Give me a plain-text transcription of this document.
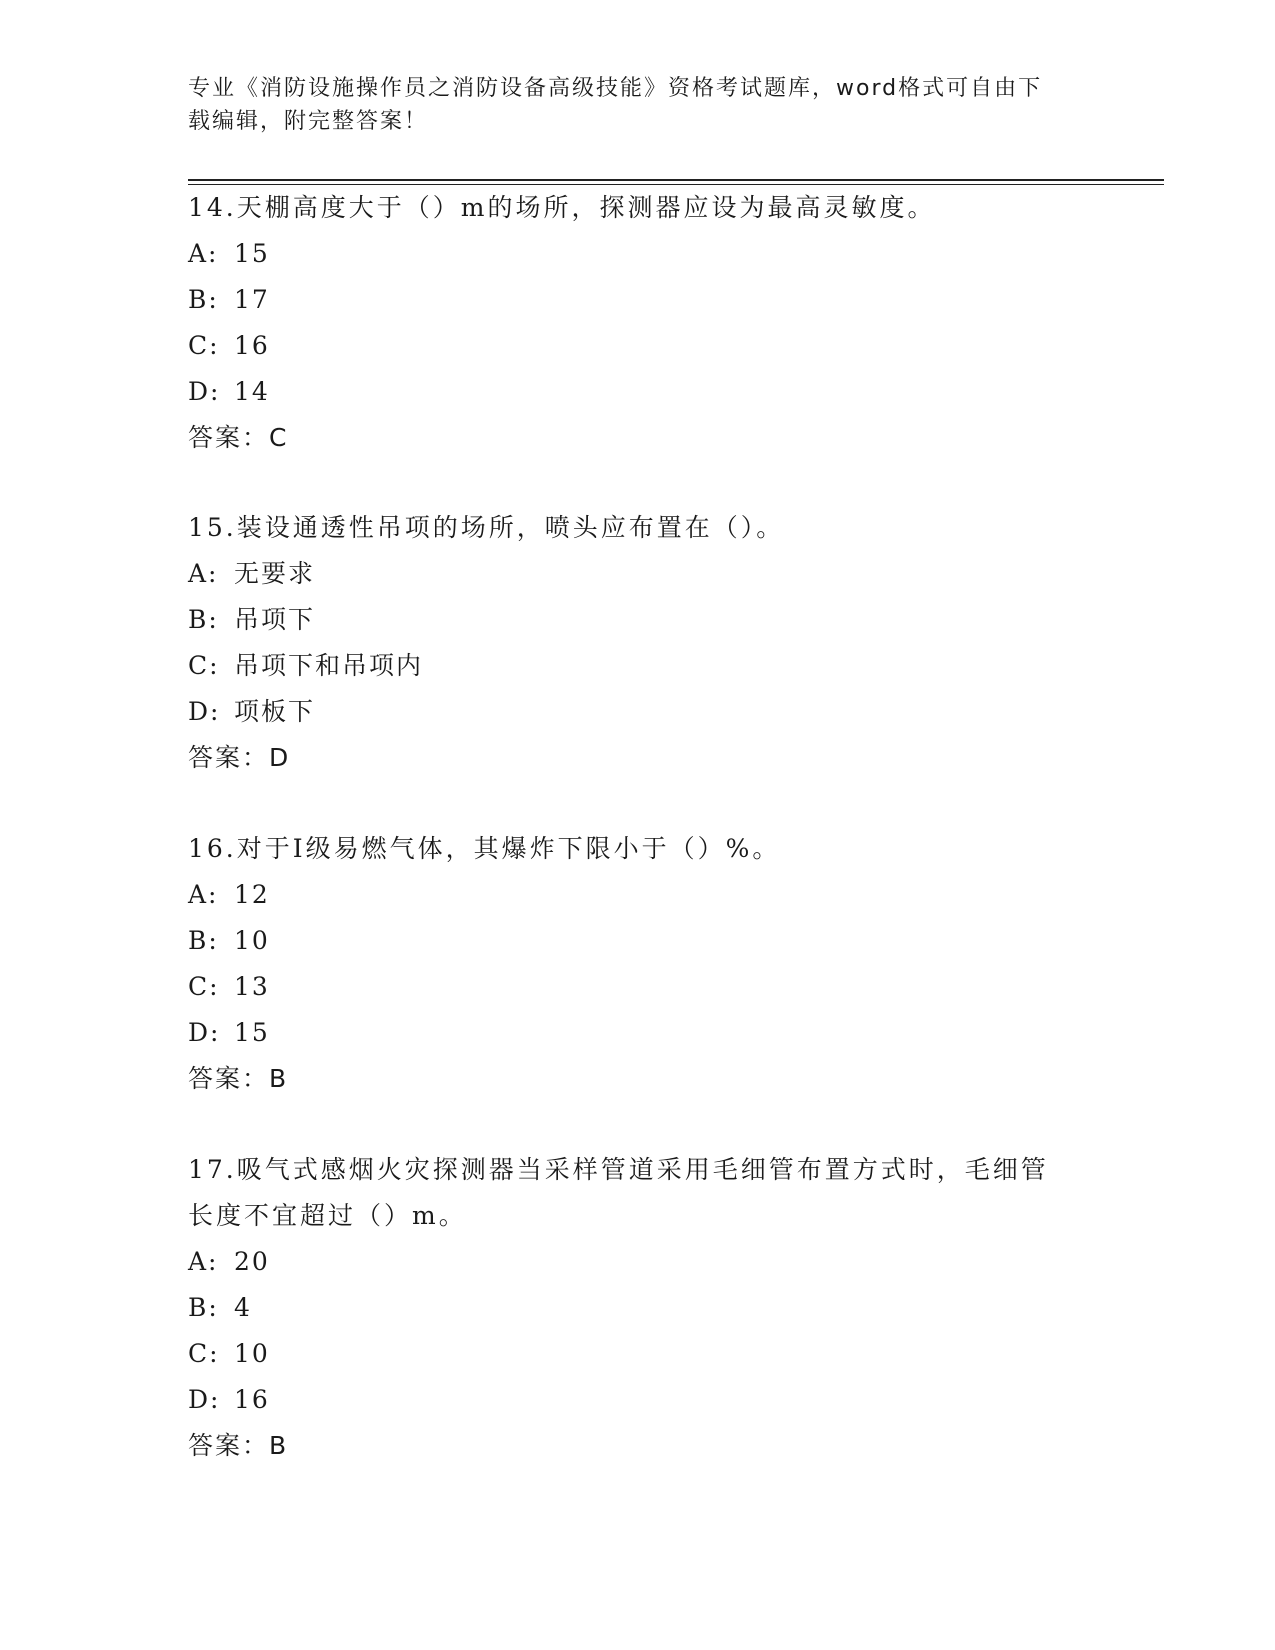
专业《消防设施操作员之消防设备高级技能》资格考试题库，word格式可自由下
载编辑，附完整答案！
14.天棚高度大于（）m的场所，探测器应设为最高灵敏度。
A: 15
B: 17
C: 16
D: 14
答案：C
15.装设通透性吊项的场所，喷头应布置在（）。
A: 无要求
B: 吊项下
C: 吊项下和吊项内
D: 项板下
答案：D
16.对于Ⅰ级易燃气体，其爆炸下限小于（）%。
A: 12
B: 10
C: 13
D: 15
答案：B
17.吸气式感烟火灾探测器当采样管道采用毛细管布置方式时，毛细管长度不宜超过（）m。
A: 20
B: 4
C: 10
D: 16
答案：B
